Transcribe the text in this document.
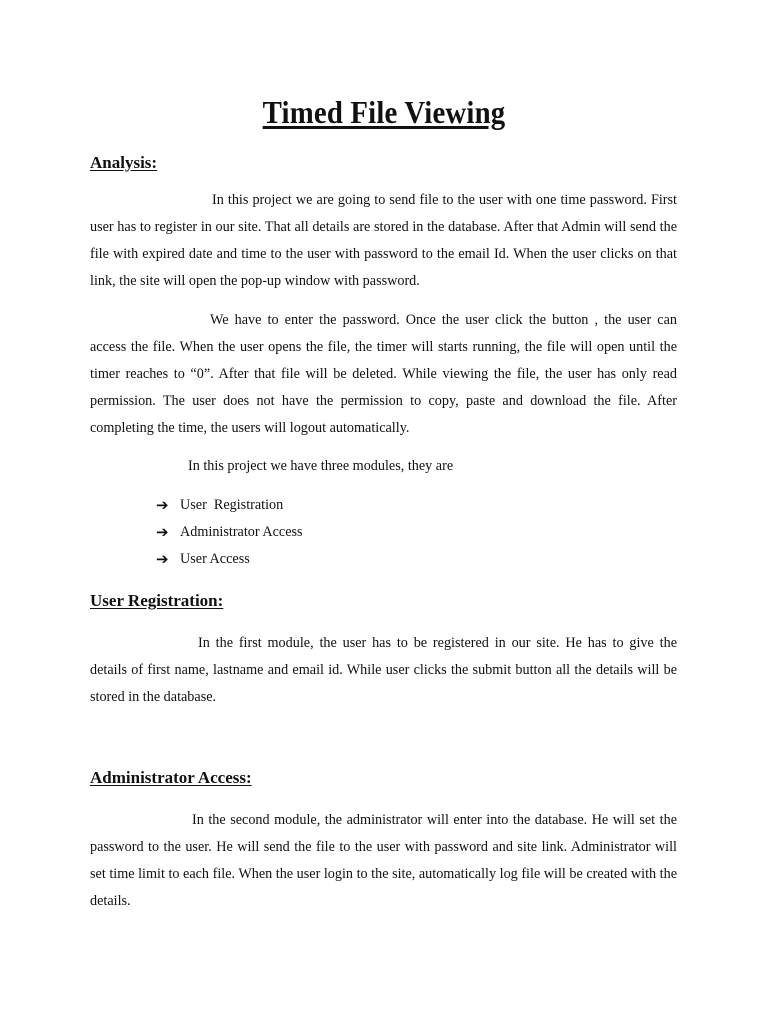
Timed File Viewing
Analysis:

In this project we are going to send file to the user with one time password. First user has to register in our site. That all details are stored in the database. After that Admin will send the file with expired date and time to the user with password to the email Id. When the user clicks on that link, the site will open the pop-up window with password.

We have to enter the password. Once the user click the button , the user can access the file. When the user opens the file, the timer will starts running, the file will open until the timer reaches to “0”. After that file will be deleted. While viewing the file, the user has only read permission. The user does not have the permission to copy, paste and download the file. After completing the time, the users will logout automatically.

In this project we have three modules, they are

➔ User  Registration
➔ Administrator Access
➔ User Access
User Registration:

In the first module, the user has to be registered in our site. He has to give the details of first name, lastname and email id. While user clicks the submit button all the details will be stored in the database.

Administrator Access:

In the second module, the administrator will enter into the database. He will set the password to the user. He will send the file to the user with password and site link. Administrator will set time limit to each file. When the user login to the site, automatically log file will be created with the details.
